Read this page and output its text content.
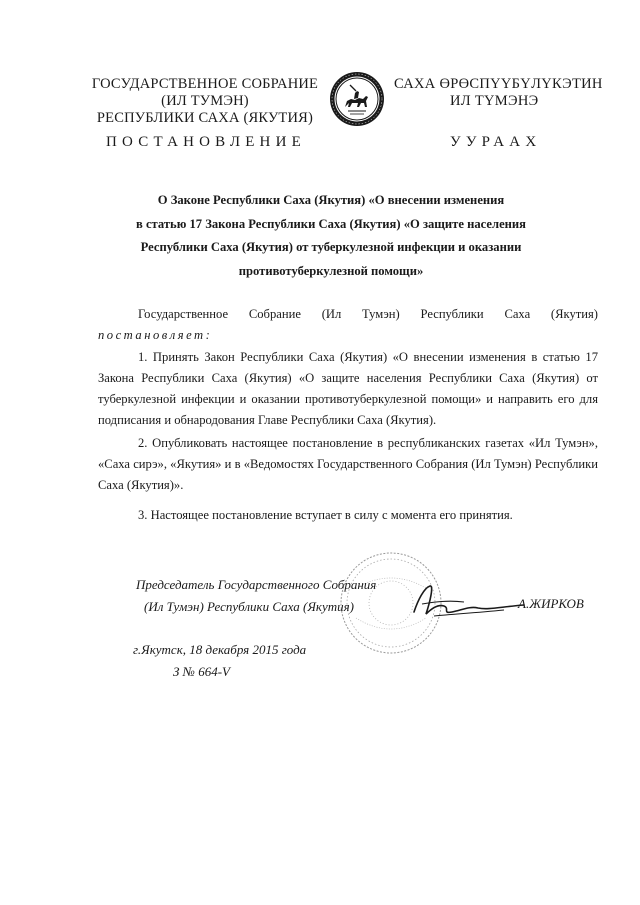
ГОСУДАРСТВЕННОЕ СОБРАНИЕ
(ИЛ ТУМЭН)
РЕСПУБЛИКИ САХА (ЯКУТИЯ)
САХА ӨРӨСПYYБYЛYКЭТИН
ИЛ ТYМЭНЭ
ПОСТАНОВЛЕНИЕ	УУРААХ
О Законе Республики Саха (Якутия) «О внесении изменения
в статью 17 Закона Республики Саха (Якутия) «О защите населения
Республики Саха (Якутия) от туберкулезной инфекции и оказании
противотуберкулезной помощи»
Государственное Собрание (Ил Тумэн) Республики Саха (Якутия)
постановляет:
1. Принять Закон Республики Саха (Якутия) «О внесении изменения в статью 17 Закона Республики Саха (Якутия) «О защите населения Республики Саха (Якутия) от туберкулезной инфекции и оказании противотуберкулезной помощи» и направить его для подписания и обнародования Главе Республики Саха (Якутия).
2. Опубликовать настоящее постановление в республиканских газетах «Ил Тумэн», «Саха сирэ», «Якутия» и в «Ведомостях Государственного Собрания (Ил Тумэн) Республики Саха (Якутия)».
3. Настоящее постановление вступает в силу с момента его принятия.
Председатель Государственного Собрания
(Ил Тумэн) Республики Саха (Якутия)	А.ЖИРКОВ
г.Якутск, 18 декабря 2015 года
З № 664-V
